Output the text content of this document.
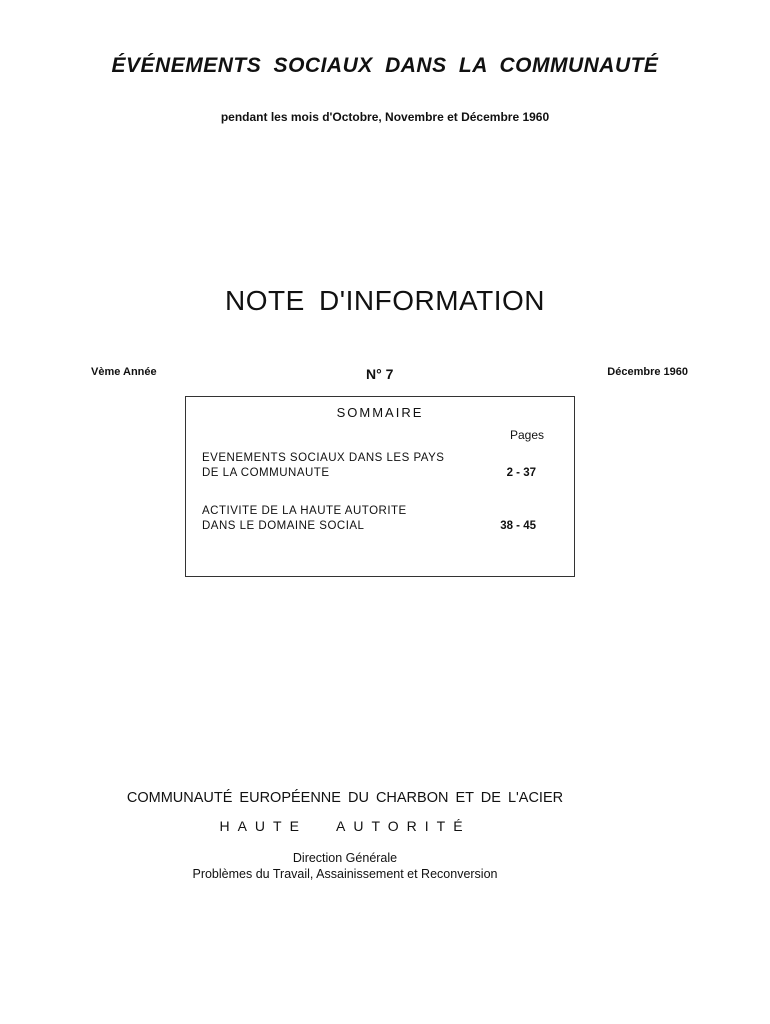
ÉVÉNEMENTS SOCIAUX DANS LA COMMUNAUTÉ
pendant les mois d'Octobre, Novembre et Décembre 1960
NOTE D'INFORMATION
Vème Année	N° 7	Décembre 1960
SOMMAIRE
Pages
EVENEMENTS SOCIAUX DANS LES PAYS
DE LA COMMUNAUTE	2 - 37
ACTIVITE DE LA HAUTE AUTORITE
DANS LE DOMAINE SOCIAL	38 - 45
COMMUNAUTÉ EUROPÉENNE DU CHARBON ET DE L'ACIER
HAUTE AUTORITÉ
Direction Générale
Problèmes du Travail, Assainissement et Reconversion
